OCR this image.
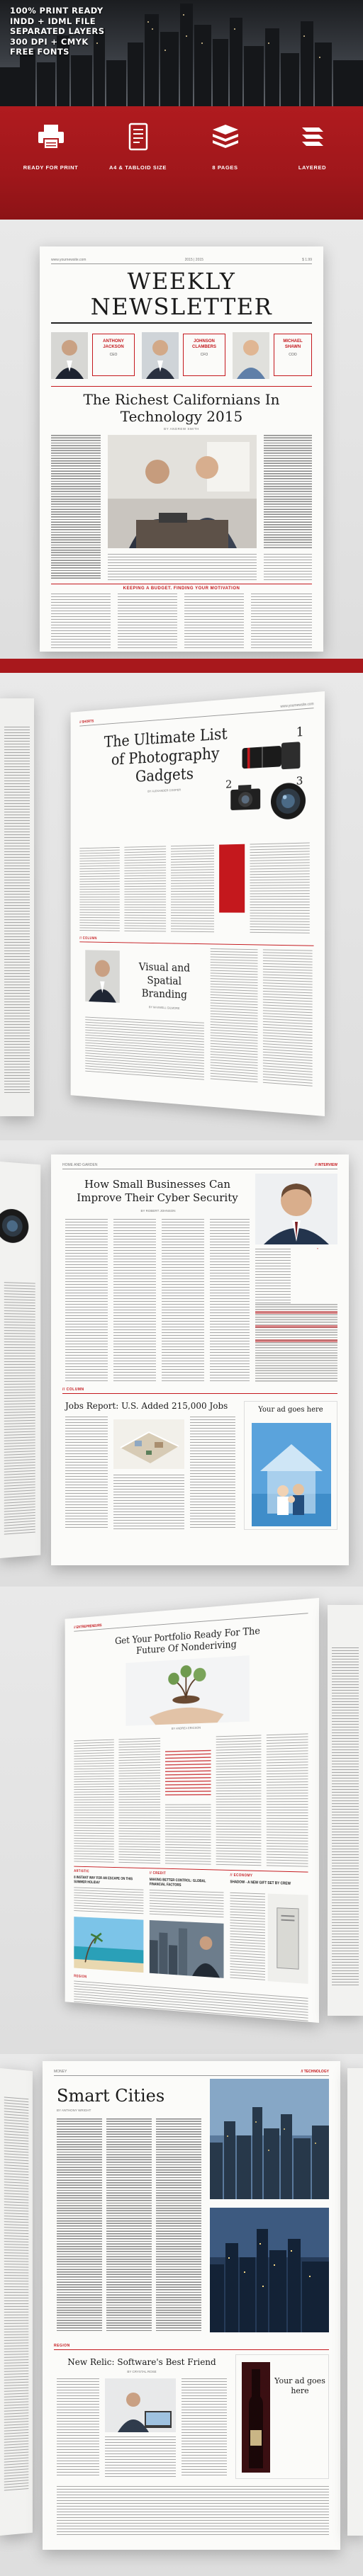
100% PRINT READY
INDD + IDML FILE
SEPARATED LAYERS
300 DPI + CMYK
FREE FONTS
READY FOR PRINT	A4 & TABLOID SIZE	8 PAGES	LAYERED
www.yournewsite.com	2015 | 2015	$ 1.99
WEEKLY NEWSLETTER
ANTHONY JACKSON
CEO
JOHNSON CLAMBERS
CFO
MICHAEL SHAWN
COO
The Richest Californians In Technology 2015
BY ANDREW SMITH
KEEPING A BUDGET. FINDING YOUR MOTIVATION
// SHORTS
www.yournewsite.com
The Ultimate List of Photography Gadgets
BY ALEXANDER COOPER
1
2	3
// COLUMN
Visual and Spatial Branding
BY MAXWELL GILMORE
HOME AND GARDEN	// INTERVIEW
How Small Businesses Can Improve Their Cyber Security
BY ROBERT JOHNSON
"

// COLUMN
Jobs Report: U.S. Added 215,000 Jobs	Your ad goes here
// ENTREPRENEURS	Get Your Portfolio Ready For The Future Of Nonderiving
BY ANDREA ERICSON

ARTISTIC	// CREDIT	// ECONOMY
8 INSTANT WAY FOR AN ESCAPE ON THIS SUMMER HOLIDAY	MAKING BETTER CONTROL: GLOBAL FINANCIAL FACTORS	SHADOW - A NEW GIFT SET BY CREW
REGION
MONEY	// TECHNOLOGY
Smart Cities
BY ANTHONY WRIGHT
REGION
New Relic: Software's Best Friend
BY CRYSTAL ROSE
Your ad goes here
